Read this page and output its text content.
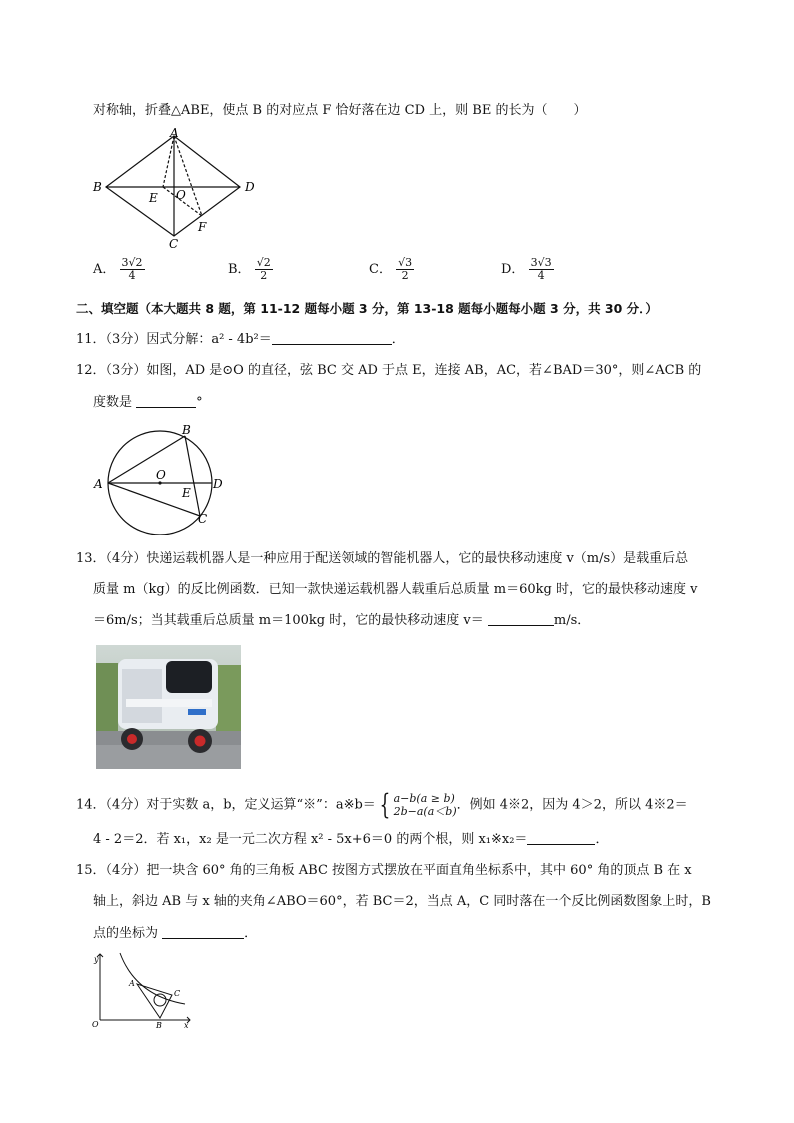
对称轴，折叠△ABE，使点 B 的对应点 F 恰好落在边 CD 上，则 BE 的长为（　　）
A
B
C
D
E O
F
A． $\frac{3√2}{4}$	B． $\frac{√2}{2}$	C． $\frac{√3}{2}$	D． $\frac{3√3}{4}$
二、填空题（本大题共 8 题，第 11-12 题每小题 3 分，第 13-18 题每小题每小题 3 分，共 30 分．）
11．（3分）因式分解：a² - 4b²＝	．
12．（3分）如图，AD 是⊙O 的直径，弦 BC 交 AD 于点 E，连接 AB，AC，若∠BAD＝30°，则∠ACB 的
度数是	°
A
B
C
D
E
O
13．（4分）快递运载机器人是一种应用于配送领域的智能机器人，它的最快移动速度 v（m/s）是载重后总
质量 m（kg）的反比例函数．已知一款快递运载机器人载重后总质量 m＝60kg 时，它的最快移动速度 v
＝6m/s；当其载重后总质量 m＝100kg 时，它的最快移动速度 v＝	m/s．
14．（4分）对于实数 a，b，定义运算“※”：a※b＝ { a−b(a ≥ b)
2b−a(a＜b) ．例如 4※2，因为 4＞2，所以 4※2＝
4 - 2＝2．若 x₁，x₂ 是一元二次方程 x² - 5x+6＝0 的两个根，则 x₁※x₂＝	．
15．（4分）把一块含 60° 角的三角板 ABC 按图方式摆放在平面直角坐标系中，其中 60° 角的顶点 B 在 x
轴上，斜边 AB 与 x 轴的夹角∠ABO＝60°，若 BC＝2，当点 A，C 同时落在一个反比例函数图象上时，B
点的坐标为	．
y
x
O
A
B
C
